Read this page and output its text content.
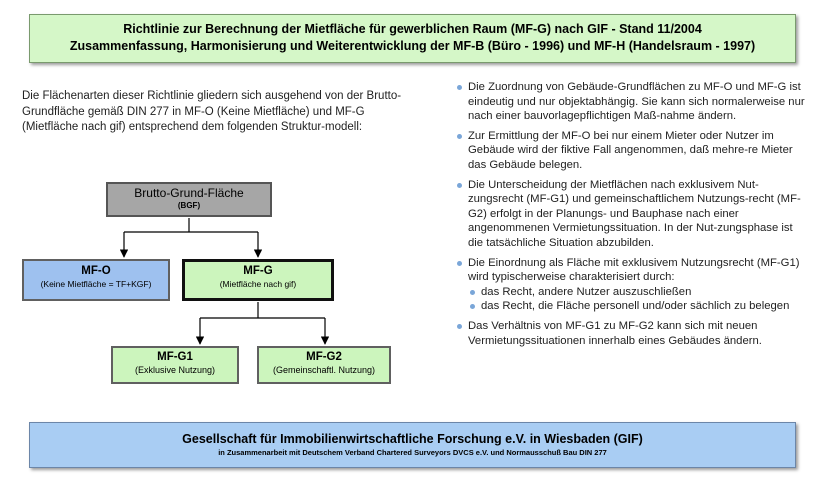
Richtlinie zur Berechnung der Mietfläche für gewerblichen Raum (MF-G) nach GIF - Stand 11/2004
Zusammenfassung, Harmonisierung und Weiterentwicklung der MF-B (Büro - 1996) und MF-H (Handelsraum - 1997)
Die Flächenarten dieser Richtlinie gliedern sich ausgehend von der Brutto-Grundfläche gemäß DIN 277 in MF-O (Keine Mietfläche) und MF-G (Mietfläche nach gif) entsprechend dem folgenden Struktur-modell:
Brutto-Grund-Fläche
(BGF)
MF-O
(Keine Mietfläche = TF+KGF)
MF-G
(Mietfläche nach gif)
MF-G1
(Exklusive Nutzung)
MF-G2
(Gemeinschaftl. Nutzung)
Die Zuordnung von Gebäude-Grundflächen zu MF-O und MF-G ist eindeutig und nur objektabhängig. Sie kann sich normalerweise nur nach einer bauvorlagepflichtigen Maß-nahme ändern.
Zur Ermittlung der MF-O bei nur einem Mieter oder Nutzer im Gebäude wird der fiktive Fall angenommen, daß mehre-re Mieter das Gebäude belegen.
Die Unterscheidung der Mietflächen nach exklusivem Nut-zungsrecht (MF-G1) und gemeinschaftlichem Nutzungs-recht (MF-G2) erfolgt in der Planungs- und Bauphase nach einer angenommenen Vermietungssituation. In der Nut-zungsphase ist die tatsächliche Situation abzubilden.
Die Einordnung als Fläche mit exklusivem Nutzungsrecht (MF-G1) wird typischerweise charakterisiert durch:
das Recht, andere Nutzer auszuschließen
das Recht, die Fläche personell und/oder sächlich zu belegen
Das Verhältnis von MF-G1 zu MF-G2 kann sich mit neuen Vermietungssituationen innerhalb eines Gebäudes ändern.
Gesellschaft für Immobilienwirtschaftliche Forschung e.V. in Wiesbaden (GIF)
in Zusammenarbeit mit Deutschem Verband Chartered Surveyors DVCS e.V. und Normausschuß Bau DIN 277
